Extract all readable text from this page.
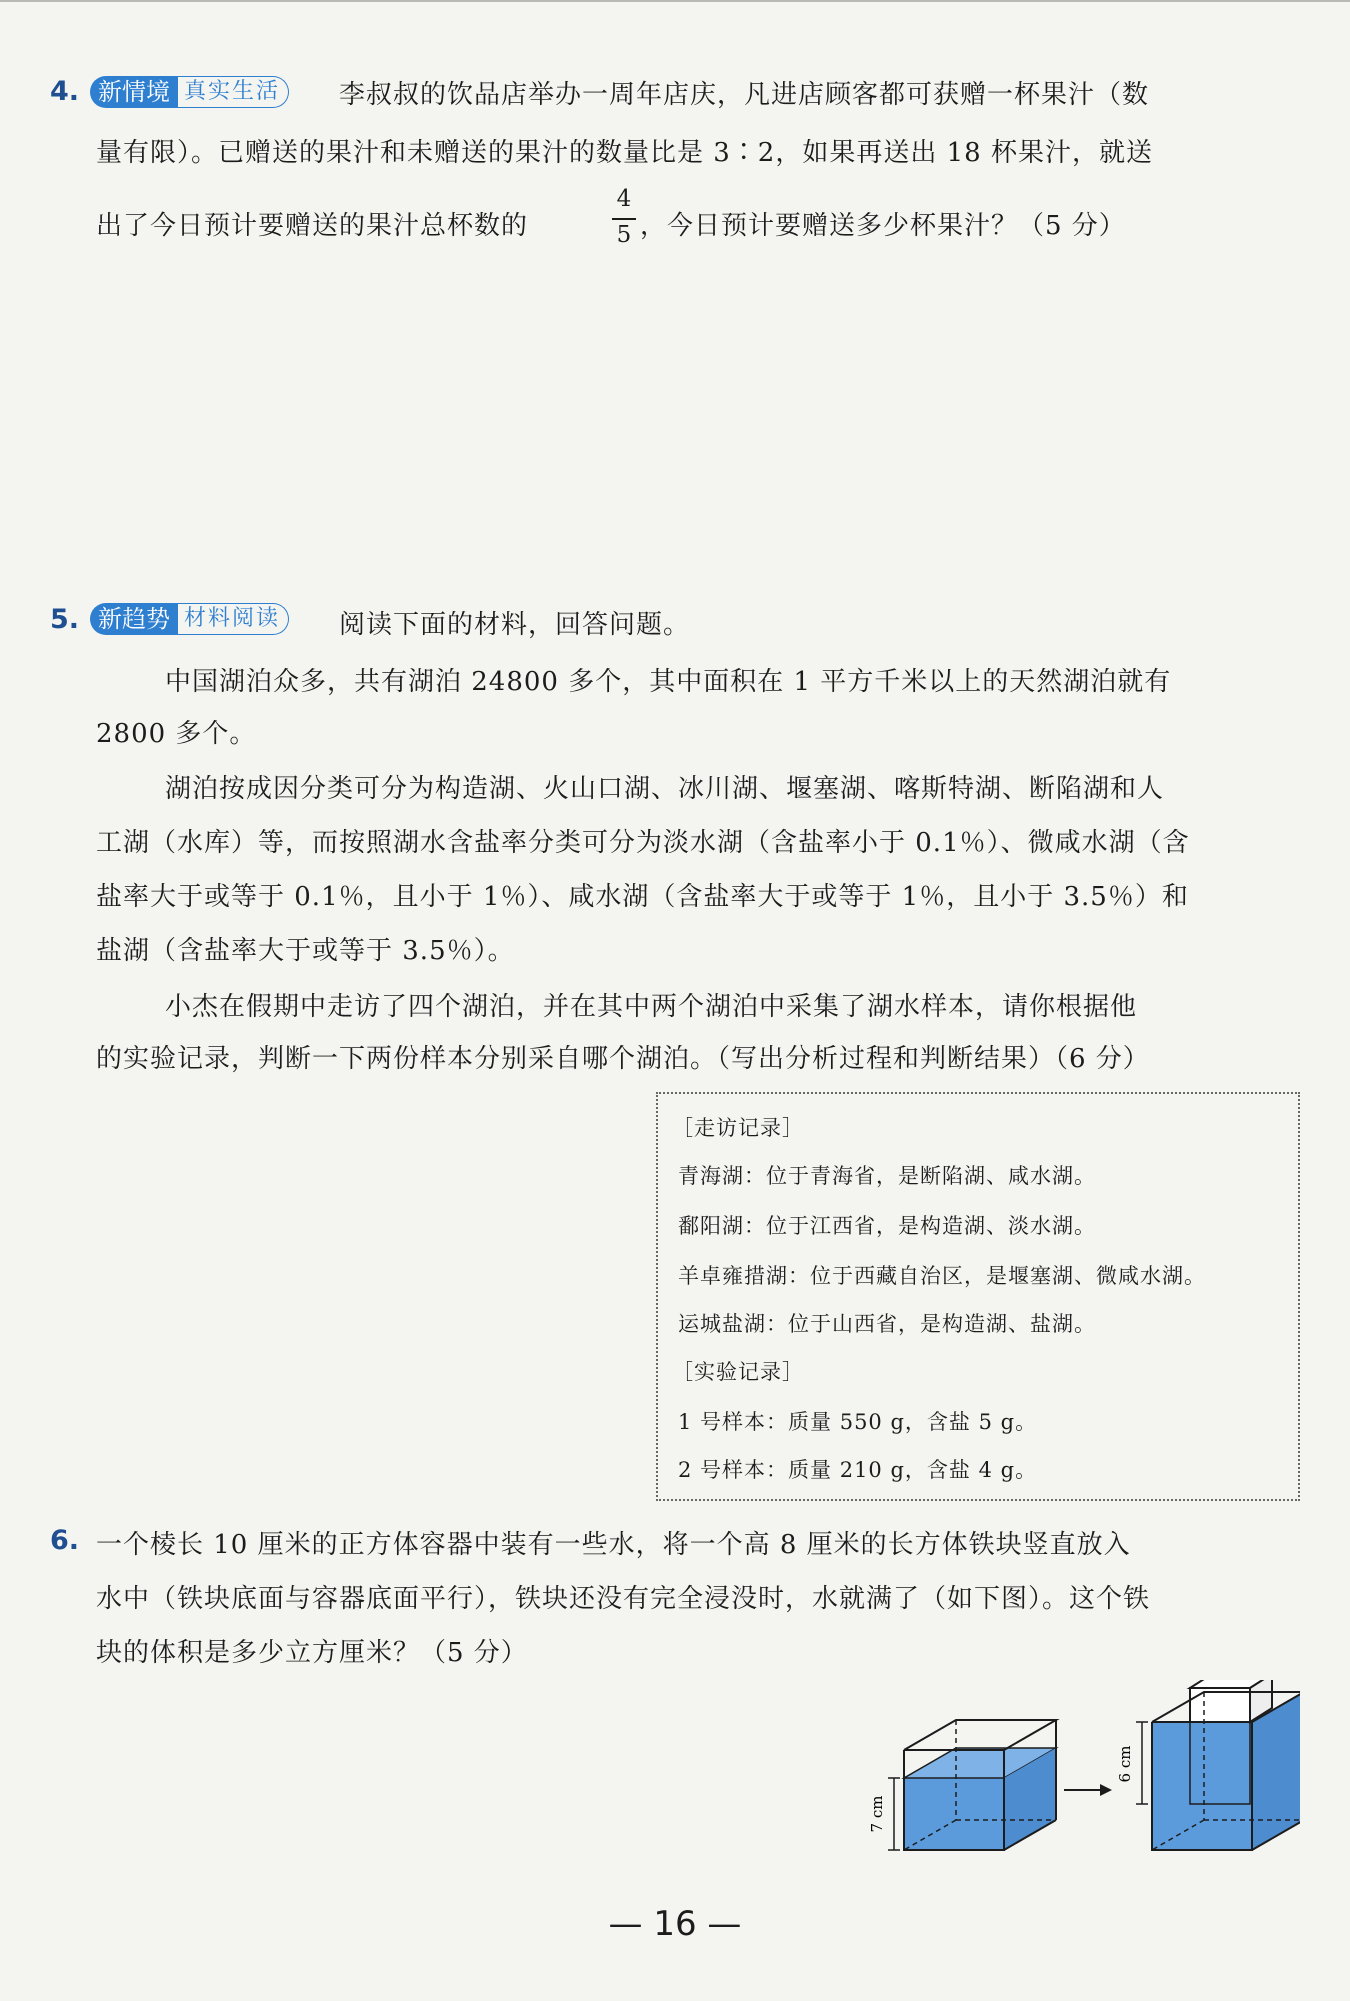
4. 新情境 真实生活	李叔叔的饮品店举办一周年店庆，凡进店顾客都可获赠一杯果汁（数
量有限）。已赠送的果汁和未赠送的果汁的数量比是 3∶2，如果再送出 18 杯果汁，就送
出了今日预计要赠送的果汁总杯数的
4
5 ，今日预计要赠送多少杯果汁？（5 分）
5. 新趋势 材料阅读	阅读下面的材料，回答问题。
中国湖泊众多，共有湖泊 24800 多个，其中面积在 1 平方千米以上的天然湖泊就有
2800 多个。
湖泊按成因分类可分为构造湖、火山口湖、冰川湖、堰塞湖、喀斯特湖、断陷湖和人
工湖（水库）等，而按照湖水含盐率分类可分为淡水湖（含盐率小于 0.1％）、微咸水湖（含
盐率大于或等于 0.1％，且小于 1％）、咸水湖（含盐率大于或等于 1％，且小于 3.5％）和
盐湖（含盐率大于或等于 3.5％）。
小杰在假期中走访了四个湖泊，并在其中两个湖泊中采集了湖水样本，请你根据他
的实验记录，判断一下两份样本分别采自哪个湖泊。（写出分析过程和判断结果）（6 分）
［走访记录］
青海湖：位于青海省，是断陷湖、咸水湖。
鄱阳湖：位于江西省，是构造湖、淡水湖。
羊卓雍措湖：位于西藏自治区，是堰塞湖、微咸水湖。
运城盐湖：位于山西省，是构造湖、盐湖。
［实验记录］
1 号样本：质量 550 g，含盐 5 g。
2 号样本：质量 210 g，含盐 4 g。
6. 一个棱长 10 厘米的正方体容器中装有一些水，将一个高 8 厘米的长方体铁块竖直放入
水中（铁块底面与容器底面平行），铁块还没有完全浸没时，水就满了（如下图）。这个铁
块的体积是多少立方厘米？（5 分）
7 cm
6 cm
— 16 —
